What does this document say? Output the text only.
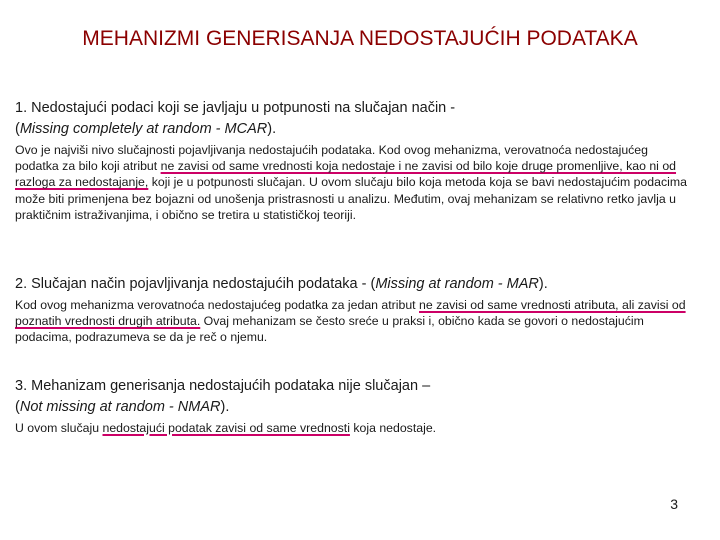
MEHANIZMI GENERISANJA NEDOSTAJUĆIH PODATAKA

1. Nedostajući podaci koji se javljaju u potpunosti na slučajan način -
(Missing completely at random - MCAR).

Ovo je najviši nivo slučajnosti pojavljivanja nedostajućih podataka. Kod ovog mehanizma, verovatnoća nedostajućeg podatka za bilo koji atribut ne zavisi od same vrednosti koja nedostaje i ne zavisi od bilo koje druge promenljive, kao ni od razloga za nedostajanje, koji je u potpunosti slučajan. U ovom slučaju bilo koja metoda koja se bavi nedostajućim podacima može biti primenjena bez bojazni od unošenja pristrasnosti u analizu. Međutim, ovaj mehanizam se relativno retko javlja u praktičnim istraživanjima, i obično se tretira u statističkoj teoriji.

2. Slučajan način pojavljivanja nedostajućih podataka - (Missing at random - MAR).

Kod ovog mehanizma verovatnoća nedostajućeg podatka za jedan atribut ne zavisi od same vrednosti atributa, ali zavisi od poznatih vrednosti drugih atributa. Ovaj mehanizam se često sreće u praksi i, obično kada se govori o nedostajućim podacima, podrazumeva se da je reč o njemu.

3. Mehanizam generisanja nedostajućih podataka nije slučajan –
(Not missing at random - NMAR).

U ovom slučaju nedostajući podatak zavisi od same vrednosti koja nedostaje.

3
